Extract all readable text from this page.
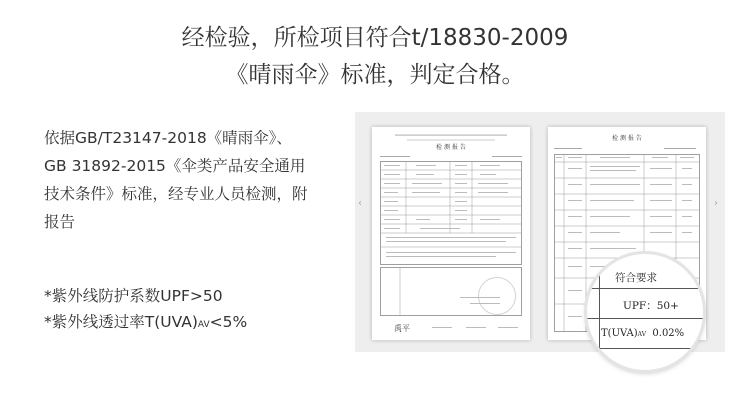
经检验，所检项目符合t/18830-2009
《晴雨伞》标准，判定合格。
依据GB/T23147-2018《晴雨伞》、GB 31892-2015《伞类产品安全通用技术条件》标准，经专业人员检测，附报告
*紫外线防护系数UPF>50
*紫外线透过率T(UVA)AV<5%
检 测 报 告
禹平
检 测 报 告
符合要求
UPF：50+
T(UVA)AV 0.02%
‹	›
